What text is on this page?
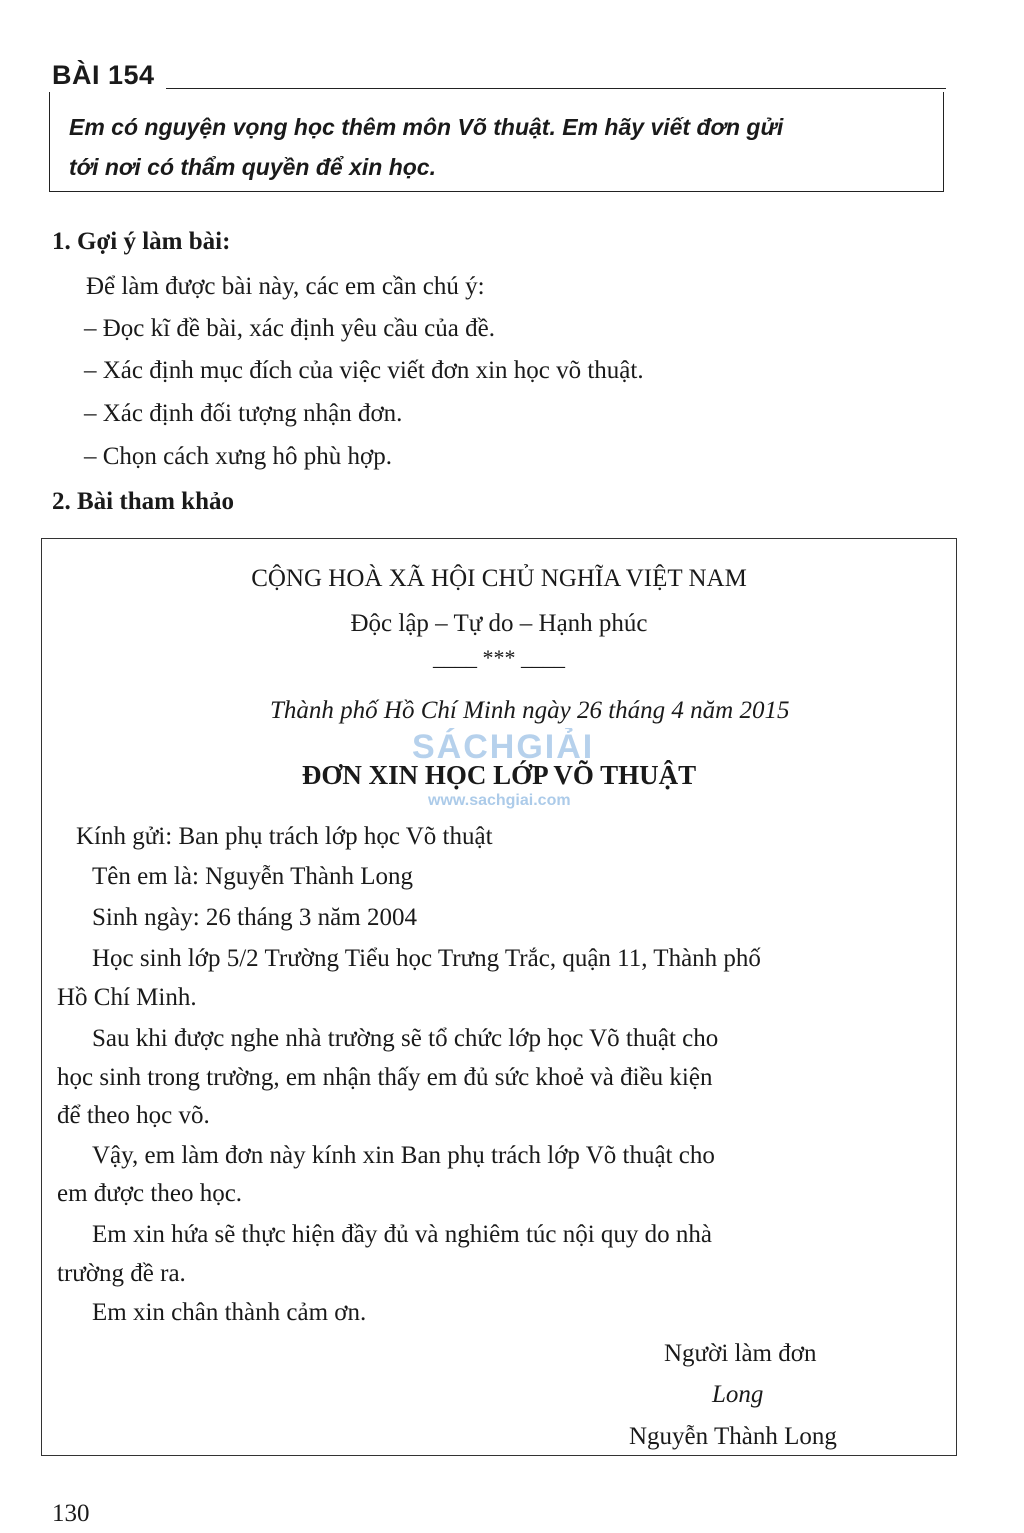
BÀI 154
Em có nguyện vọng học thêm môn Võ thuật. Em hãy viết đơn gửi
tới nơi có thẩm quyền để xin học.
1. Gợi ý làm bài:
Để làm được bài này, các em cần chú ý:
– Đọc kĩ đề bài, xác định yêu cầu của đề.
– Xác định mục đích của việc viết đơn xin học võ thuật.
– Xác định đối tượng nhận đơn.
– Chọn cách xưng hô phù hợp.
2. Bài tham khảo
CỘNG HOÀ XÃ HỘI CHỦ NGHĨA VIỆT NAM
Độc lập – Tự do – Hạnh phúc
____ *** ____
Thành phố Hồ Chí Minh ngày 26 tháng 4 năm 2015
SÁCHGIẢI
www.sachgiai.com
ĐƠN XIN HỌC LỚP VÕ THUẬT
Kính gửi: Ban phụ trách lớp học Võ thuật
Tên em là: Nguyễn Thành Long
Sinh ngày: 26 tháng 3 năm 2004
Học sinh lớp 5/2 Trường Tiểu học Trưng Trắc, quận 11, Thành phố
Hồ Chí Minh.
Sau khi được nghe nhà trường sẽ tổ chức lớp học Võ thuật cho
học sinh trong trường, em nhận thấy em đủ sức khoẻ và điều kiện
để theo học võ.
Vậy, em làm đơn này kính xin Ban phụ trách lớp Võ thuật cho
em được theo học.
Em xin hứa sẽ thực hiện đầy đủ và nghiêm túc nội quy do nhà
trường đề ra.
Em xin chân thành cảm ơn.
Người làm đơn
Long
Nguyễn Thành Long
130
